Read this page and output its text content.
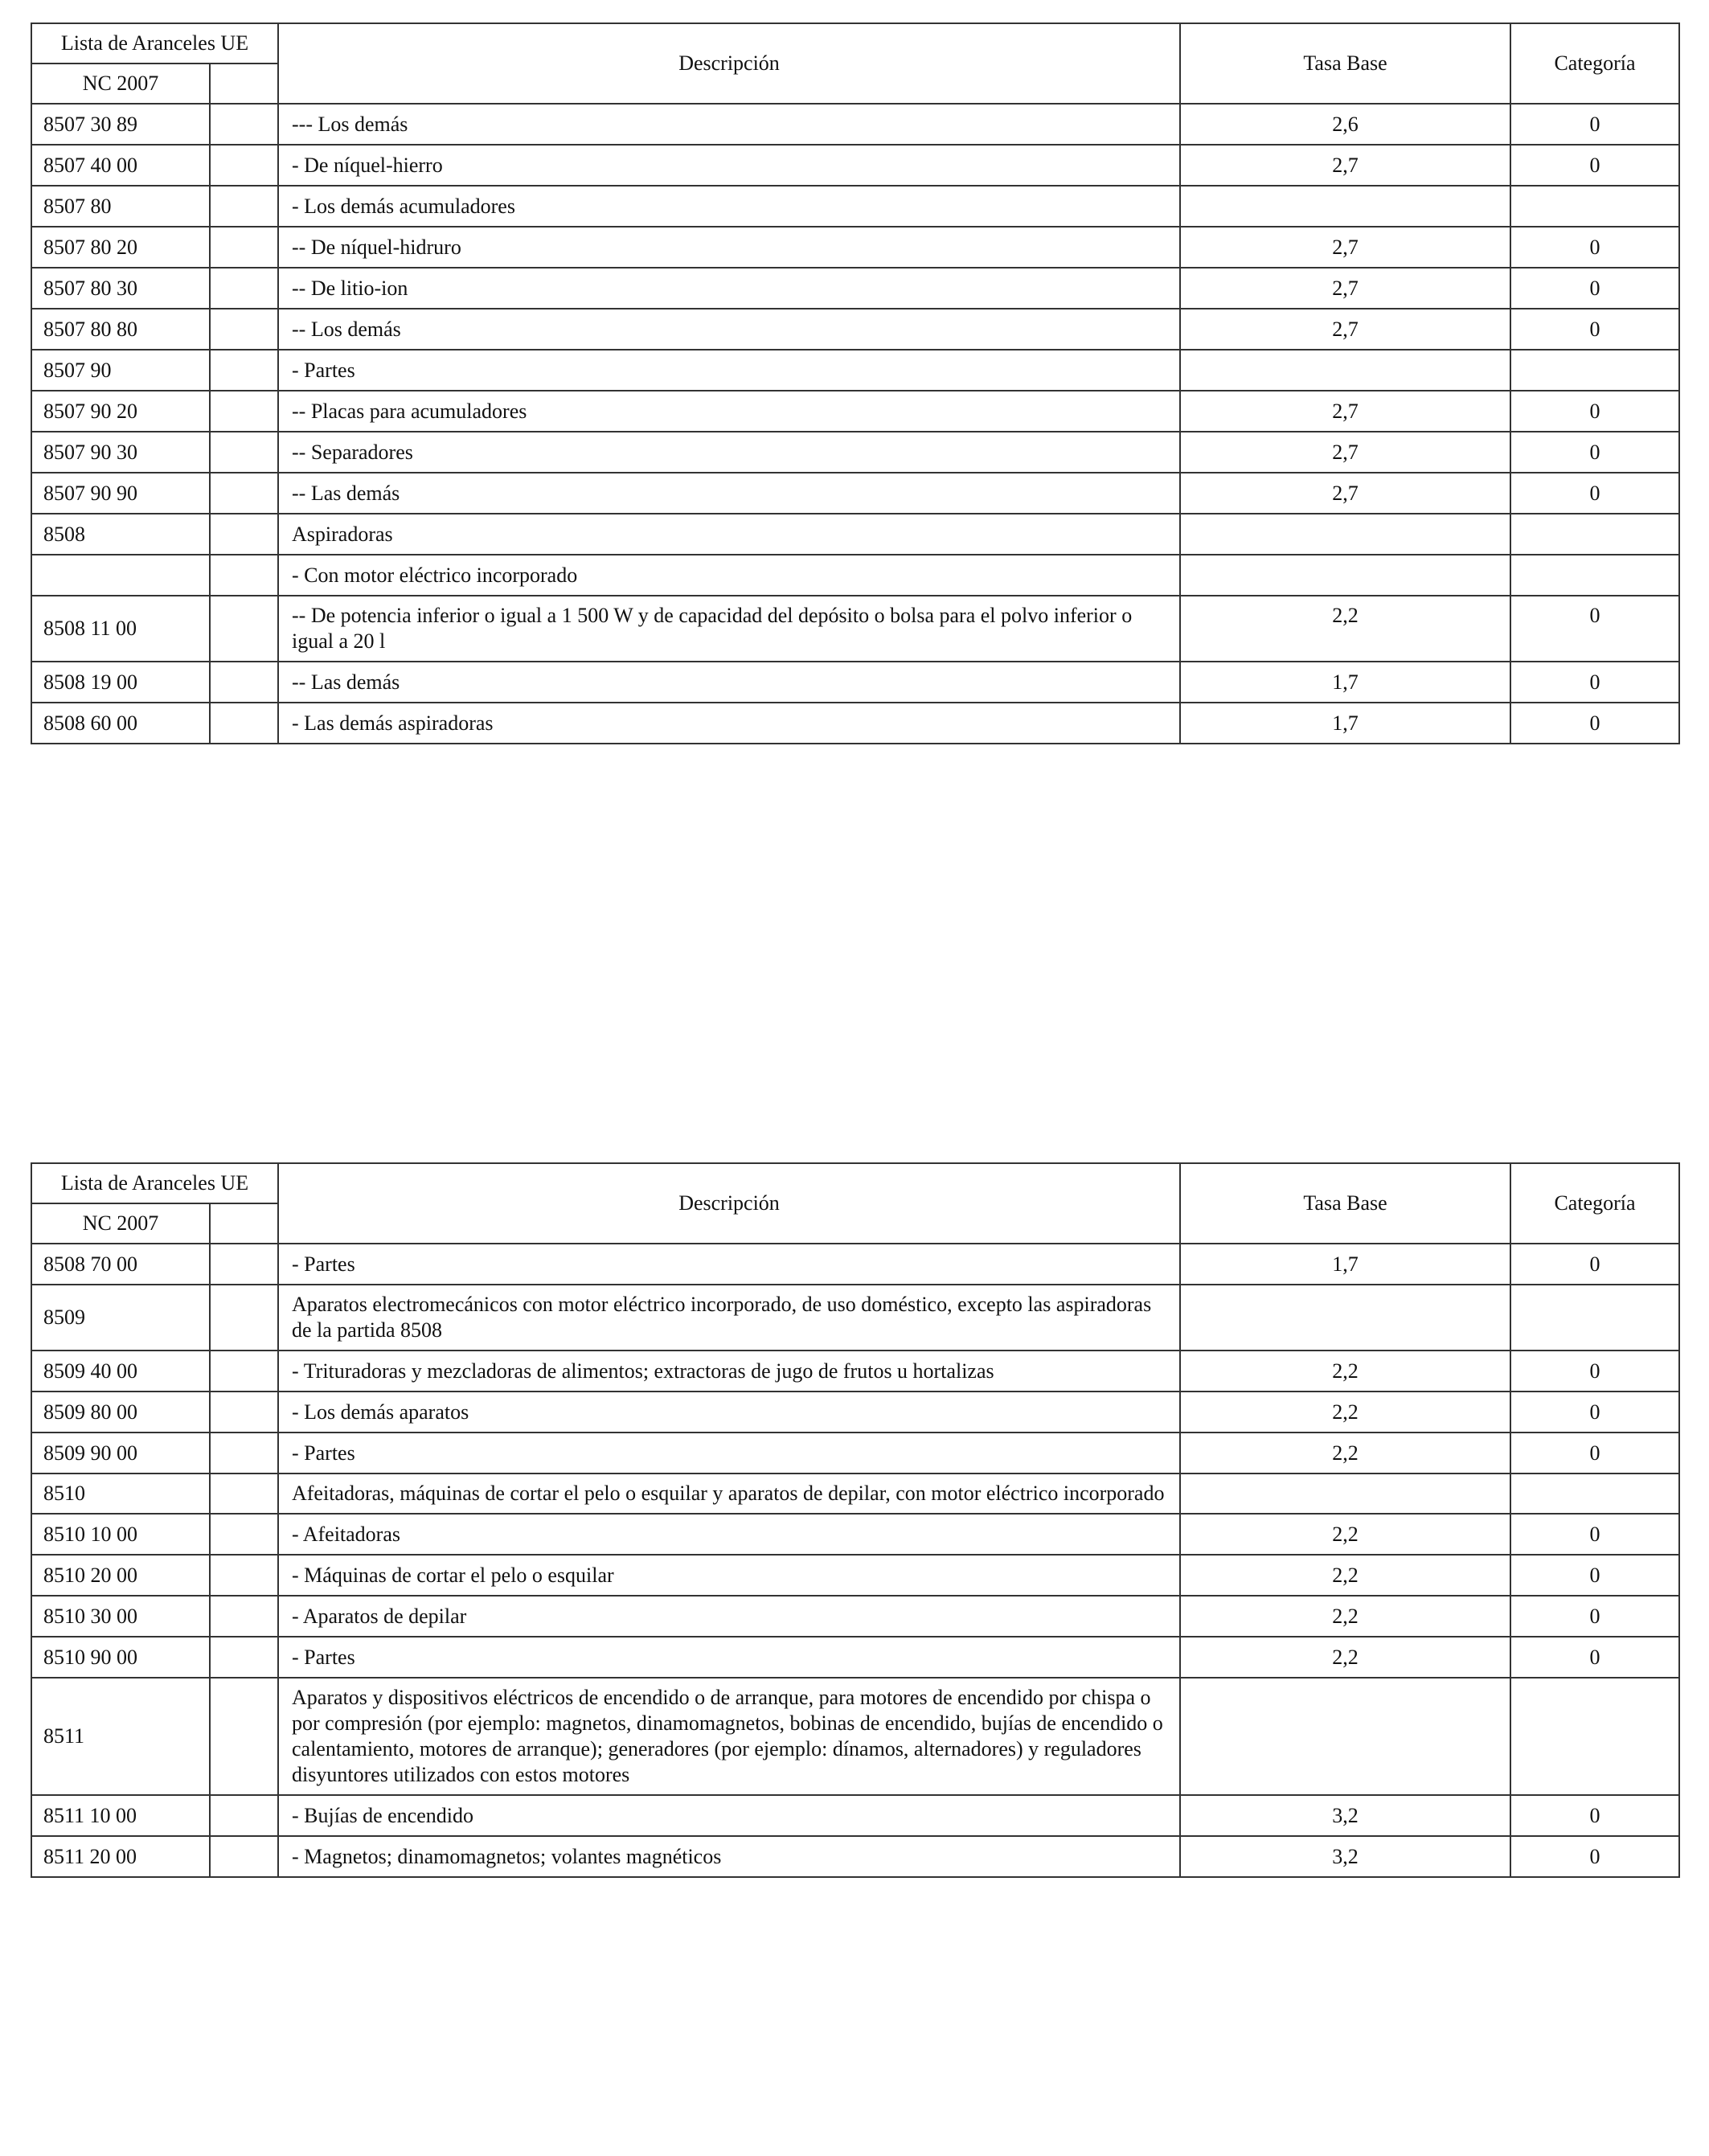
Lista de Aranceles UE		Descripción	Tasa Base	Categoría
NC 2007				
8507 30 89		--- Los demás	2,6	0
8507 40 00		- De níquel-hierro	2,7	0
8507 80		- Los demás acumuladores		
8507 80 20		-- De níquel-hidruro	2,7	0
8507 80 30		-- De litio-ion	2,7	0
8507 80 80		-- Los demás	2,7	0
8507 90		- Partes		
8507 90 20		-- Placas para acumuladores	2,7	0
8507 90 30		-- Separadores	2,7	0
8507 90 90		-- Las demás	2,7	0
8508		Aspiradoras		
		- Con motor eléctrico incorporado		
8508 11 00		-- De potencia inferior o igual a 1 500 W y de capacidad del depósito o bolsa para el polvo inferior o igual a 20 l	2,2	0
8508 19 00		-- Las demás	1,7	0
8508 60 00		- Las demás aspiradoras	1,7	0
Lista de Aranceles UE		Descripción	Tasa Base	Categoría
NC 2007				
8508 70 00		- Partes	1,7	0
8509		Aparatos electromecánicos con motor eléctrico incorporado, de uso doméstico, excepto las aspiradoras de la partida 8508		
8509 40 00		- Trituradoras y mezcladoras de alimentos; extractoras de jugo de frutos u hortalizas	2,2	0
8509 80 00		- Los demás aparatos	2,2	0
8509 90 00		- Partes	2,2	0
8510		Afeitadoras, máquinas de cortar el pelo o esquilar y aparatos de depilar, con motor eléctrico incorporado		
8510 10 00		- Afeitadoras	2,2	0
8510 20 00		- Máquinas de cortar el pelo o esquilar	2,2	0
8510 30 00		- Aparatos de depilar	2,2	0
8510 90 00		- Partes	2,2	0
8511		Aparatos y dispositivos eléctricos de encendido o de arranque, para motores de encendido por chispa o por compresión (por ejemplo: magnetos, dinamomagnetos, bobinas de encendido, bujías de encendido o calentamiento, motores de arranque); generadores (por ejemplo: dínamos, alternadores) y reguladores disyuntores utilizados con estos motores		
8511 10 00		- Bujías de encendido	3,2	0
8511 20 00		- Magnetos; dinamomagnetos; volantes magnéticos	3,2	0
